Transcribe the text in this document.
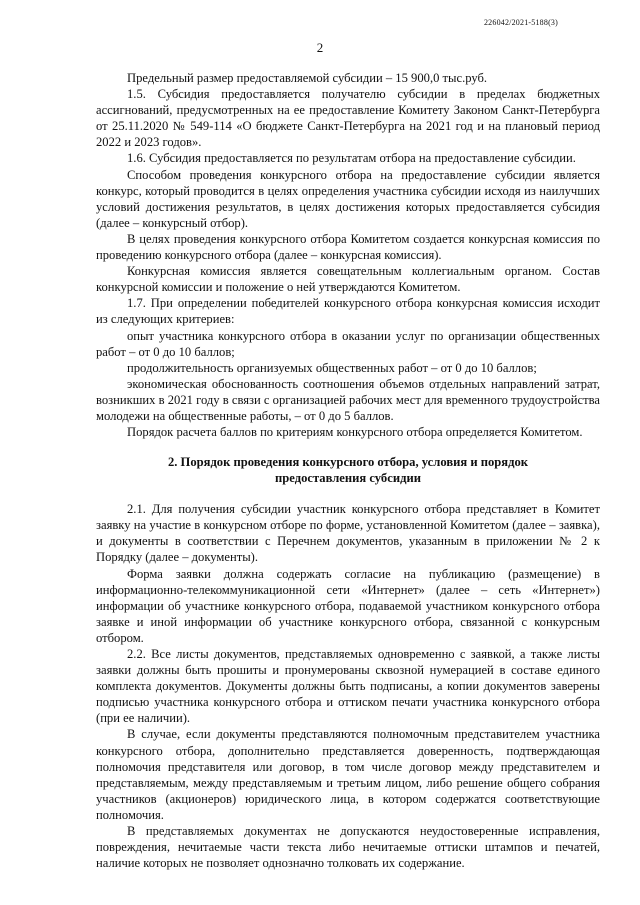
226042/2021-5188(3)
2

Предельный размер предоставляемой субсидии – 15 900,0 тыс.руб.

1.5. Субсидия предоставляется получателю субсидии в пределах бюджетных ассигнований, предусмотренных на ее предоставление Комитету Законом Санкт-Петербурга от 25.11.2020 № 549-114 «О бюджете Санкт-Петербурга на 2021 год и на плановый период 2022 и 2023 годов».

1.6. Субсидия предоставляется по результатам отбора на предоставление субсидии.

Способом проведения конкурсного отбора на предоставление субсидии является конкурс, который проводится в целях определения участника субсидии исходя из наилучших условий достижения результатов, в целях достижения которых предоставляется субсидия (далее – конкурсный отбор).

В целях проведения конкурсного отбора Комитетом создается конкурсная комиссия по проведению конкурсного отбора (далее – конкурсная комиссия).

Конкурсная комиссия является совещательным коллегиальным органом. Состав конкурсной комиссии и положение о ней утверждаются Комитетом.

1.7. При определении победителей конкурсного отбора конкурсная комиссия исходит из следующих критериев:

опыт участника конкурсного отбора в оказании услуг по организации общественных работ – от 0 до 10 баллов;

продолжительность организуемых общественных работ – от 0 до 10 баллов;

экономическая обоснованность соотношения объемов отдельных направлений затрат, возникших в 2021 году в связи с организацией рабочих мест для временного трудоустройства молодежи на общественные работы, – от 0 до 5 баллов.

Порядок расчета баллов по критериям конкурсного отбора определяется Комитетом.

2. Порядок проведения конкурсного отбора, условия и порядок
предоставления субсидии

2.1. Для получения субсидии участник конкурсного отбора представляет в Комитет заявку на участие в конкурсном отборе по форме, установленной Комитетом (далее – заявка), и документы в соответствии с Перечнем документов, указанным в приложении № 2 к Порядку (далее – документы).

Форма заявки должна содержать согласие на публикацию (размещение) в информационно-телекоммуникационной сети «Интернет» (далее – сеть «Интернет») информации об участнике конкурсного отбора, подаваемой участником конкурсного отбора заявке и иной информации об участнике конкурсного отбора, связанной с конкурсным отбором.

2.2. Все листы документов, представляемых одновременно с заявкой, а также листы заявки должны быть прошиты и пронумерованы сквозной нумерацией в составе единого комплекта документов. Документы должны быть подписаны, а копии документов заверены подписью участника конкурсного отбора и оттиском печати участника конкурсного отбора (при ее наличии).

В случае, если документы представляются полномочным представителем участника конкурсного отбора, дополнительно представляется доверенность, подтверждающая полномочия представителя или договор, в том числе договор между представителем и представляемым, между представляемым и третьим лицом, либо решение общего собрания участников (акционеров) юридического лица, в котором содержатся соответствующие полномочия.

В представляемых документах не допускаются неудостоверенные исправления, повреждения, нечитаемые части текста либо нечитаемые оттиски штампов и печатей, наличие которых не позволяет однозначно толковать их содержание.
